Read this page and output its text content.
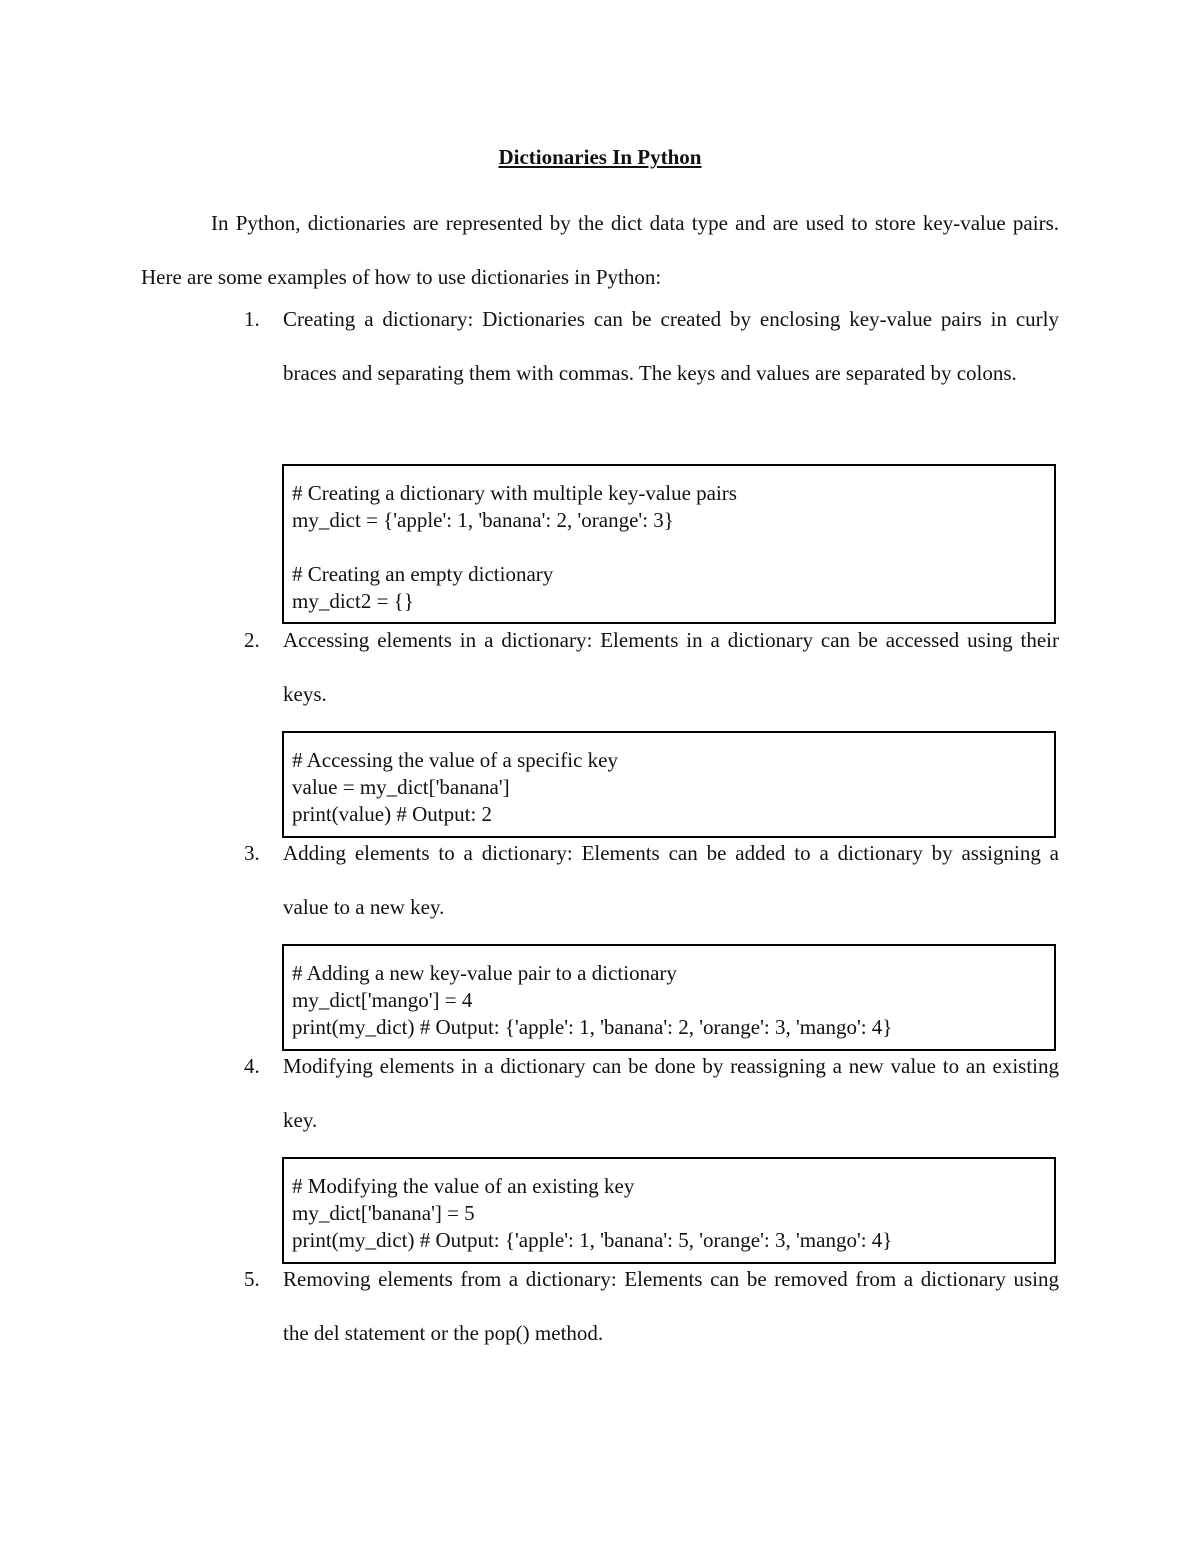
Dictionaries In Python

In Python, dictionaries are represented by the dict data type and are used to store key-value pairs. Here are some examples of how to use dictionaries in Python:

1.	Creating a dictionary: Dictionaries can be created by enclosing key-value pairs in curly braces and separating them with commas. The keys and values are separated by colons.
# Creating a dictionary with multiple key-value pairs
my_dict = {'apple': 1, 'banana': 2, 'orange': 3}
# Creating an empty dictionary
my_dict2 = {}
2.	Accessing elements in a dictionary: Elements in a dictionary can be accessed using their keys.
# Accessing the value of a specific key
value = my_dict['banana']
print(value) # Output: 2
3.	Adding elements to a dictionary: Elements can be added to a dictionary by assigning a value to a new key.
# Adding a new key-value pair to a dictionary
my_dict['mango'] = 4
print(my_dict) # Output: {'apple': 1, 'banana': 2, 'orange': 3, 'mango': 4}
4.	Modifying elements in a dictionary can be done by reassigning a new value to an existing key.
# Modifying the value of an existing key
my_dict['banana'] = 5
print(my_dict) # Output: {'apple': 1, 'banana': 5, 'orange': 3, 'mango': 4}
5.	Removing elements from a dictionary: Elements can be removed from a dictionary using the del statement or the pop() method.
